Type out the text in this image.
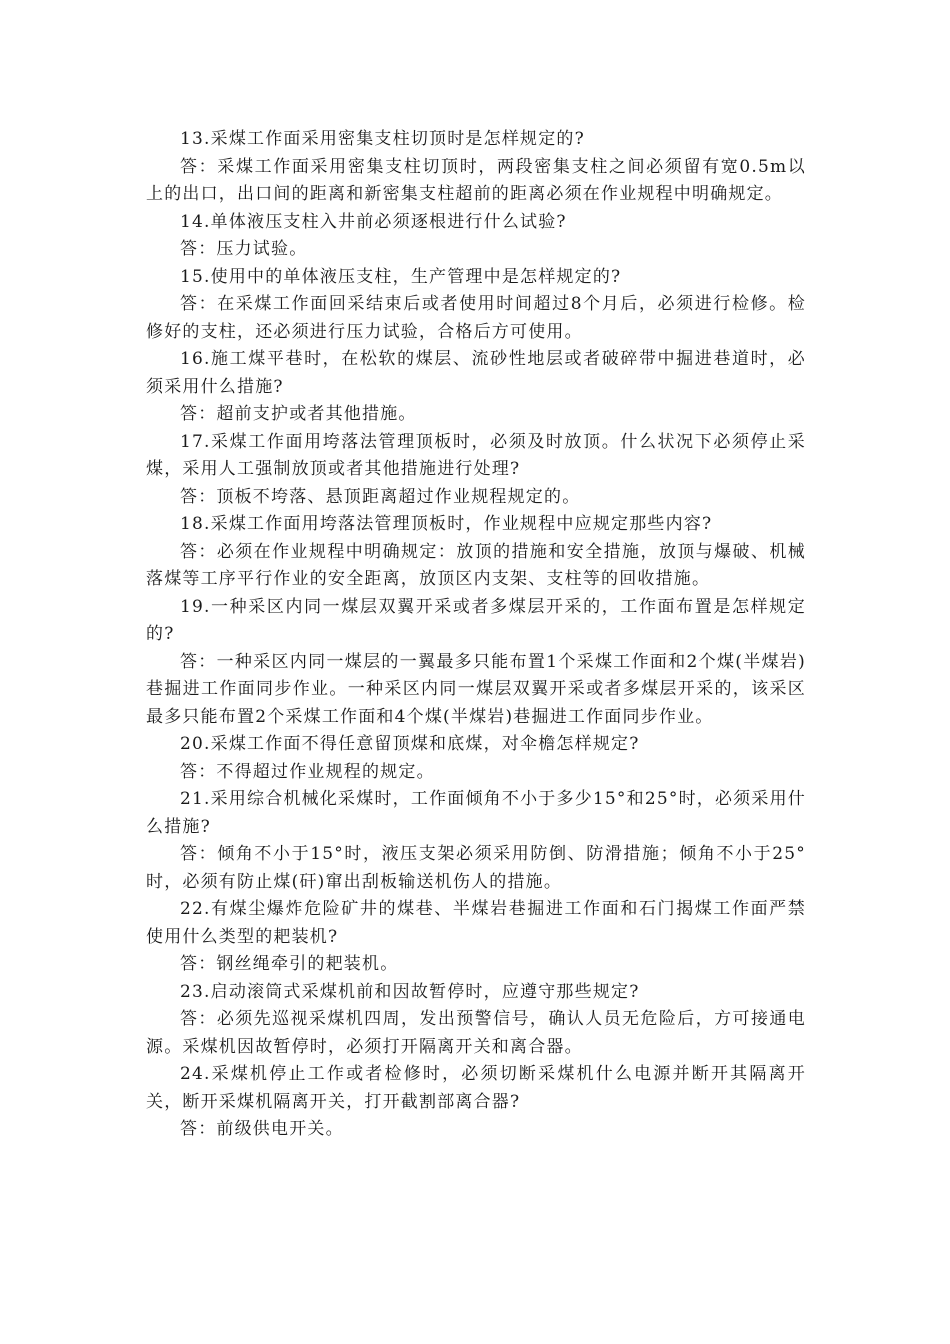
13.采煤工作面采用密集支柱切顶时是怎样规定的?

答：采煤工作面采用密集支柱切顶时，两段密集支柱之间必须留有宽0.5m以上的出口，出口间的距离和新密集支柱超前的距离必须在作业规程中明确规定。

14.单体液压支柱入井前必须逐根进行什么试验?

答：压力试验。

15.使用中的单体液压支柱，生产管理中是怎样规定的?

答：在采煤工作面回采结束后或者使用时间超过8个月后，必须进行检修。检修好的支柱，还必须进行压力试验，合格后方可使用。

16.施工煤平巷时，在松软的煤层、流砂性地层或者破碎带中掘进巷道时，必须采用什么措施?

答：超前支护或者其他措施。

17.采煤工作面用垮落法管理顶板时，必须及时放顶。什么状况下必须停止采煤，采用人工强制放顶或者其他措施进行处理?

答：顶板不垮落、悬顶距离超过作业规程规定的。

18.采煤工作面用垮落法管理顶板时，作业规程中应规定那些内容?

答：必须在作业规程中明确规定：放顶的措施和安全措施，放顶与爆破、机械落煤等工序平行作业的安全距离，放顶区内支架、支柱等的回收措施。

19.一种采区内同一煤层双翼开采或者多煤层开采的，工作面布置是怎样规定的?

答：一种采区内同一煤层的一翼最多只能布置1个采煤工作面和2个煤(半煤岩)巷掘进工作面同步作业。一种采区内同一煤层双翼开采或者多煤层开采的，该采区最多只能布置2个采煤工作面和4个煤(半煤岩)巷掘进工作面同步作业。

20.采煤工作面不得任意留顶煤和底煤，对伞檐怎样规定?

答：不得超过作业规程的规定。

21.采用综合机械化采煤时，工作面倾角不小于多少15°和25°时，必须采用什么措施?

答：倾角不小于15°时，液压支架必须采用防倒、防滑措施；倾角不小于25°时，必须有防止煤(矸)窜出刮板输送机伤人的措施。

22.有煤尘爆炸危险矿井的煤巷、半煤岩巷掘进工作面和石门揭煤工作面严禁使用什么类型的耙装机?

答：钢丝绳牵引的耙装机。

23.启动滚筒式采煤机前和因故暂停时，应遵守那些规定?

答：必须先巡视采煤机四周，发出预警信号，确认人员无危险后，方可接通电源。采煤机因故暂停时，必须打开隔离开关和离合器。

24.采煤机停止工作或者检修时，必须切断采煤机什么电源并断开其隔离开关，断开采煤机隔离开关，打开截割部离合器?

答：前级供电开关。
